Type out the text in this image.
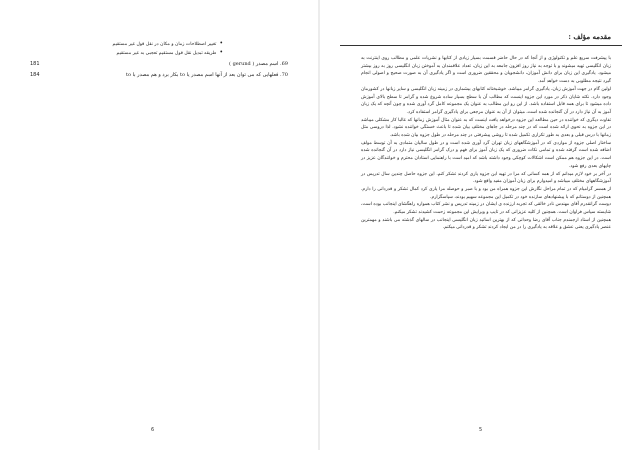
• تغییر اصطلاحات زمان و مکان در نقل قول غیر مستقیم
• طریقه تبدیل نقل قول مستقیم تعجبی به غیر مستقیم
69. اسم مصدر ( gerund )
181
70. فعلهایی که می توان بعد از آنها اسم مصدر یا to بکار برد و هم مصدر با to
184
6
مقدمه مؤلف :

با پیشرفت سریع علم و تکنولوژی و از آنجا که در حال حاضر قسمت بسیار زیادی از کتابها و نشریات علمی و مطالب روی اینترنت به زبان انگلیسی تهیه میشوند و با توجه به نیاز روز افزون جامعه به این زبان، تعداد علاقمندان به آموختن زبان انگلیسی روز به روز بیشتر میشود. یادگیری این زبان برای دانش آموزان، دانشجویان و محققین ضروری است و اگر یادگیری آن به صورت صحیح و اصولی انجام گیرد نتیجه مطلوبی به دست خواهد آمد.

اولین گام در جهت آموزش زبان، یادگیری گرامر میباشد. خوشبختانه کتابهای بیشماری در زمینه زبان انگلیسی و سایر زبانها در کشورمان وجود دارد. نکته شایان ذکر در مورد این جزوه اینست که مطالب آن با سطح بسیار ساده شروع شده و گرامر تا سطح بالای آموزش داده میشود تا برای همه قابل استفاده باشد. از این رو این مطالب به عنوان یک مجموعه کامل گرد آوری شده و چون آنچه که یک زبان آموز به آن نیاز دارد در آن گنجانده شده است، میتوان از آن به عنوان مرجعی برای یادگیری گرامر استفاده کرد.

تفاوت دیگری که خواننده در حین مطالعه این جزوه درخواهد یافت اینست که به عنوان مثال آموزش زمانها که غالبا کار مشکلی میباشد در این جزوه به نحوی ارائه شده است که در چند مرحله در جاهای مختلف بیان شده تا باعث خستگی خواننده نشود. لذا دروسی مثل زمانها با درس قبلی و بعدی به طور تکراری تکمیل شده تا روشی پیشرفتی در چند مرحله در طول جزوه بیان شده باشد.

ساختار اصلی جزوه از مواردی که در آموزشگاههای زبان تهران گرد آوری شده است و در طول سالیان متمادی به آن توسط مولف اضافه شده است گرفته شده و تمامی نکات ضروری که یک زبان آموز برای فهم و درک گرامر انگلیسی نیاز دارد در آن گنجانده شده است. در این جزوه هم ممکن است اشکالات کوچکی وجود داشته باشد که امید است با راهنمایی استادان محترم و خوانندگان عزیز در چاپهای بعدی رفع شود.

در آخر بر خود لازم میدانم که از همه کسانی که مرا در تهیه این جزوه یاری کردند تشکر کنم. این جزوه حاصل چندین سال تدریس در آموزشگاههای مختلف میباشد و امیدوارم برای زبان آموزان مفید واقع شود.

از همسر گرامیام که در تمام مراحل نگارش این جزوه همراه من بود و با صبر و حوصله مرا یاری کرد کمال تشکر و قدردانی را دارم. همچنین از دوستانم که با پیشنهادهای سازنده خود در تکمیل این مجموعه سهیم بودند، سپاسگزارم.

دوست گرانقدرم آقای مهندس نادر خالقی که تجربه ارزنده ی ایشان در زمینه تدریس و نشر کتاب همواره راهگشای اینجانب بوده است، شایسته سپاس فراوان است. همچنین از کلیه عزیزانی که در تایپ و ویرایش این مجموعه زحمت کشیدند تشکر میکنم.

همچنین از استاد ارجمندم جناب آقای رضا وحدانی که از بهترین اساتید زبان انگلیسی اینجانب در سالهای گذشته می باشند و مهمترین عنصر یادگیری یعنی عشق و علاقه به یادگیری را در من ایجاد کردند تشکر و قدردانی میکنم.

5
